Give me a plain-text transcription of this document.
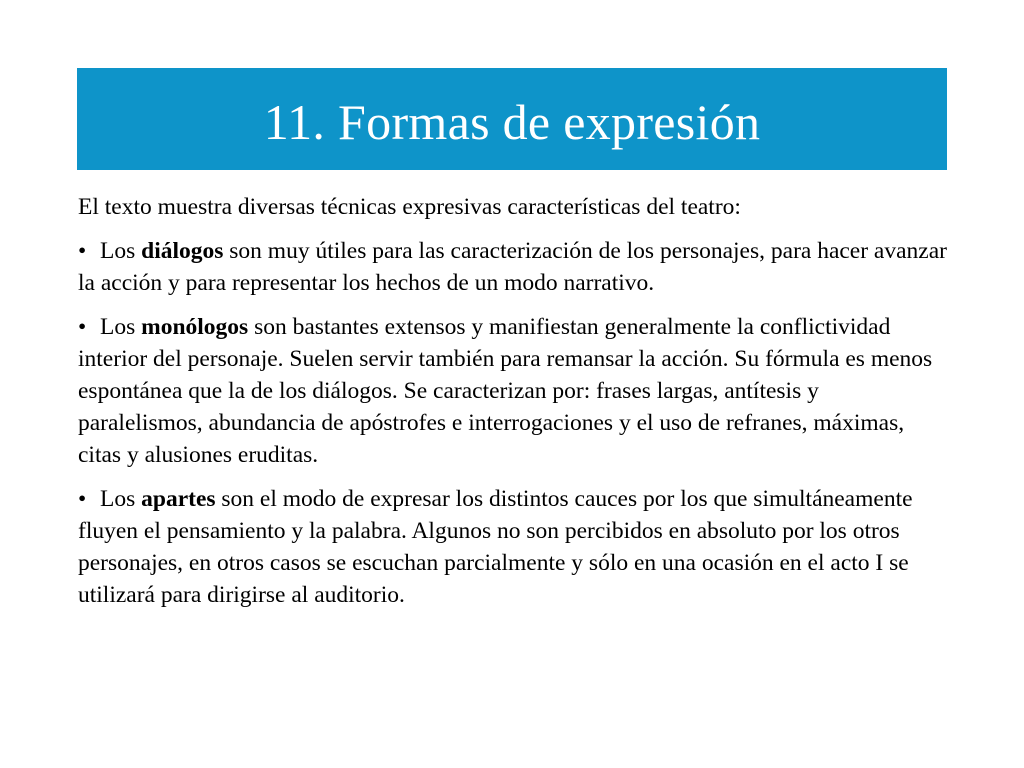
11. Formas de expresión

El texto muestra diversas técnicas expresivas características del teatro:

• Los diálogos son muy útiles para las caracterización de los personajes, para hacer avanzar la acción y para representar los hechos de un modo narrativo.

• Los monólogos son bastantes extensos y manifiestan generalmente la conflictividad interior del personaje. Suelen servir también para remansar la acción. Su fórmula es menos espontánea que la de los diálogos. Se caracterizan por: frases largas, antítesis y paralelismos, abundancia de apóstrofes e interrogaciones y el uso de refranes, máximas, citas y alusiones eruditas.

• Los apartes son el modo de expresar los distintos cauces por los que simultáneamente fluyen el pensamiento y la palabra. Algunos no son percibidos en absoluto por los otros personajes, en otros casos se escuchan parcialmente y sólo en una ocasión en el acto I se utilizará para dirigirse al auditorio.
